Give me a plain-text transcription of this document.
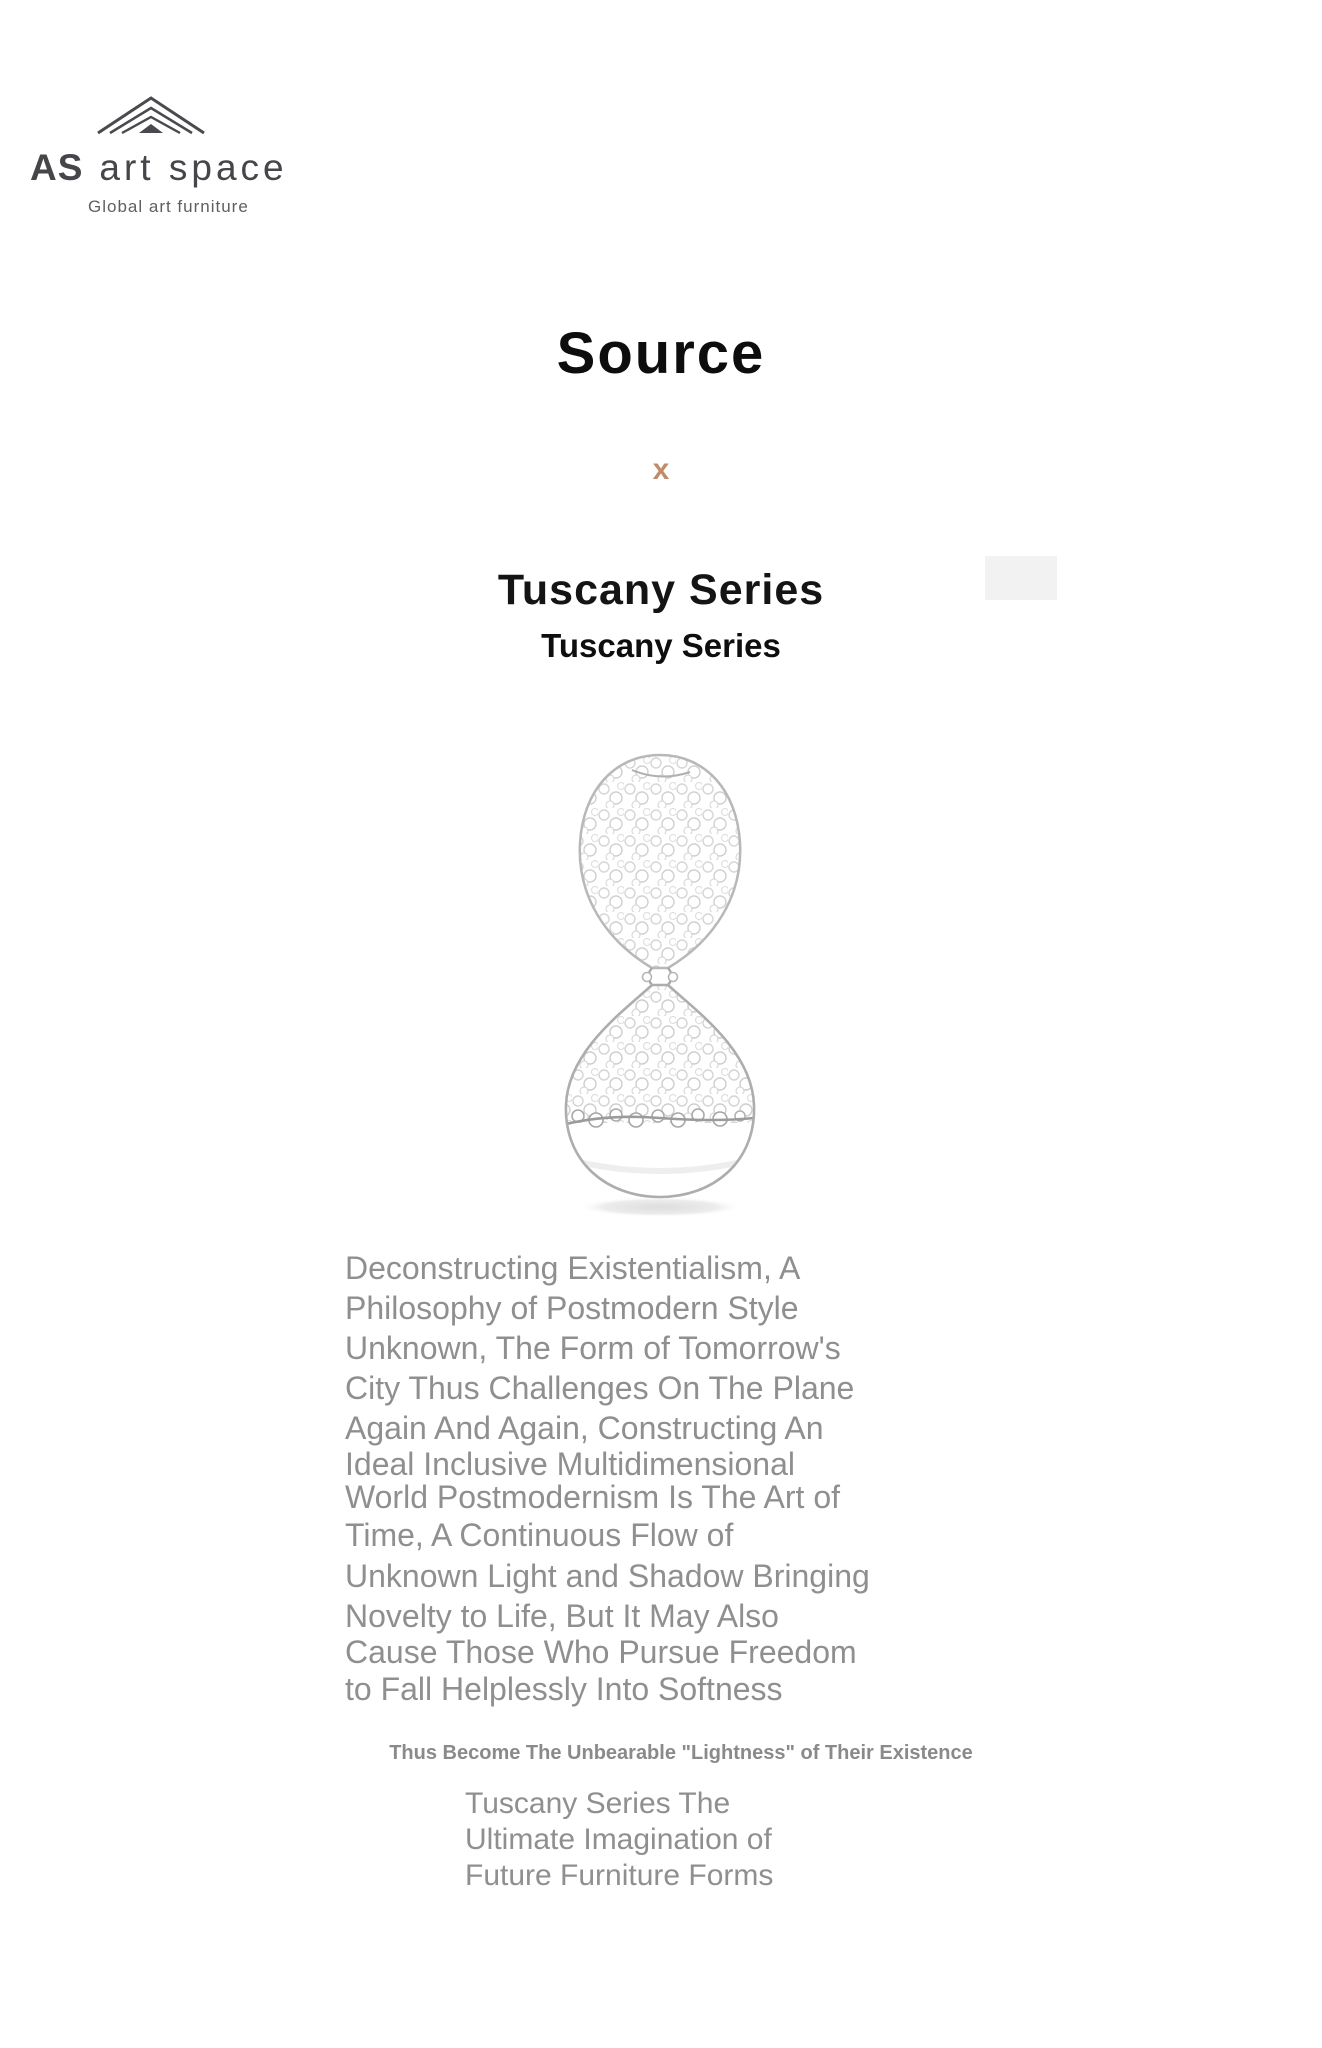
AS art space
Global art furniture
Source
x
Tuscany Series
Tuscany Series
Deconstructing Existentialism, A
Philosophy of Postmodern Style
Unknown, The Form of Tomorrow's
City Thus Challenges On The Plane
Again And Again, Constructing An
Ideal Inclusive Multidimensional
World Postmodernism Is The Art of
Time, A Continuous Flow of
Unknown Light and Shadow Bringing
Novelty to Life, But It May Also
Cause Those Who Pursue Freedom
to Fall Helplessly Into Softness
Thus Become The Unbearable "Lightness" of Their Existence
Tuscany Series The
Ultimate Imagination of
Future Furniture Forms
